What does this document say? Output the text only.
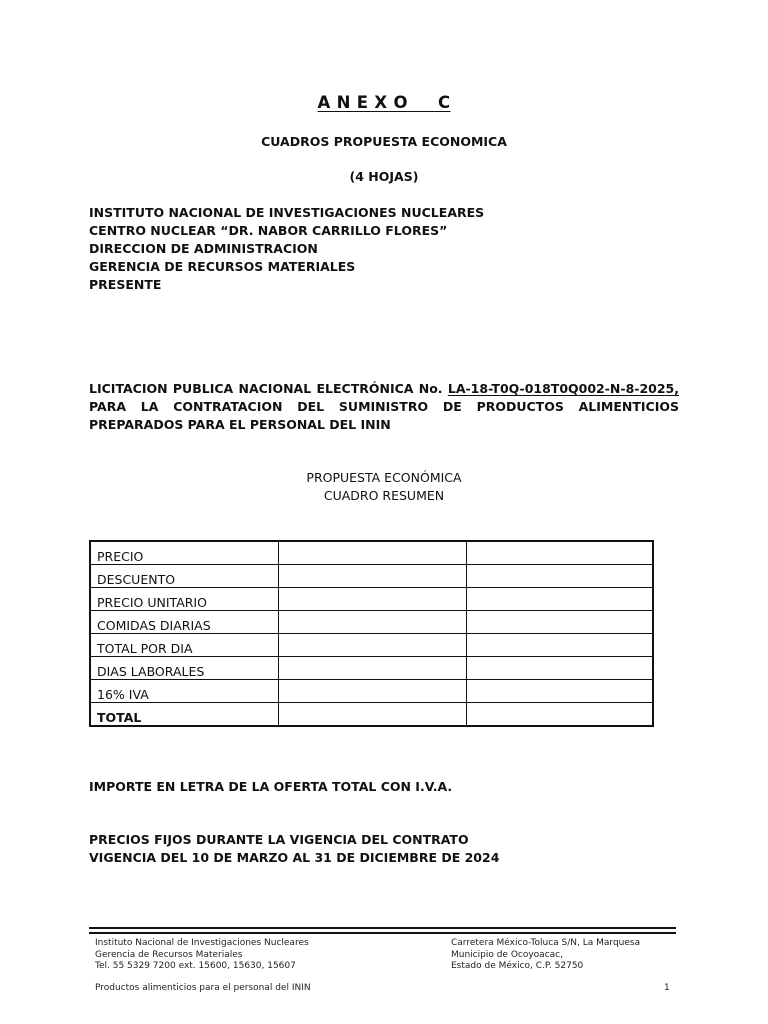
A N E X O     C
CUADROS PROPUESTA ECONOMICA
(4 HOJAS)
INSTITUTO NACIONAL DE INVESTIGACIONES NUCLEARES
CENTRO NUCLEAR “DR. NABOR CARRILLO FLORES”
DIRECCION DE ADMINISTRACION
GERENCIA DE RECURSOS MATERIALES
PRESENTE
LICITACION PUBLICA NACIONAL ELECTRÓNICA No. LA-18-T0Q-018T0Q002-N-8-2025, PARA LA CONTRATACION DEL SUMINISTRO DE PRODUCTOS ALIMENTICIOS PREPARADOS PARA EL PERSONAL DEL ININ
PROPUESTA ECONÓMICA
CUADRO RESUMEN
PRECIO		
DESCUENTO		
PRECIO UNITARIO		
COMIDAS DIARIAS		
TOTAL POR DIA		
DIAS LABORALES		
16% IVA		
TOTAL		
IMPORTE EN LETRA DE LA OFERTA TOTAL CON I.V.A.
PRECIOS FIJOS DURANTE LA VIGENCIA DEL CONTRATO
VIGENCIA DEL 10 DE MARZO AL 31 DE DICIEMBRE DE 2024
Instituto Nacional de Investigaciones Nucleares
Gerencia de Recursos Materiales
Tel. 55 5329 7200 ext. 15600, 15630, 15607
Carretera México-Toluca S/N, La Marquesa
Municipio de Ocoyoacac,
Estado de México, C.P. 52750
Productos alimenticios para el personal del ININ	1
